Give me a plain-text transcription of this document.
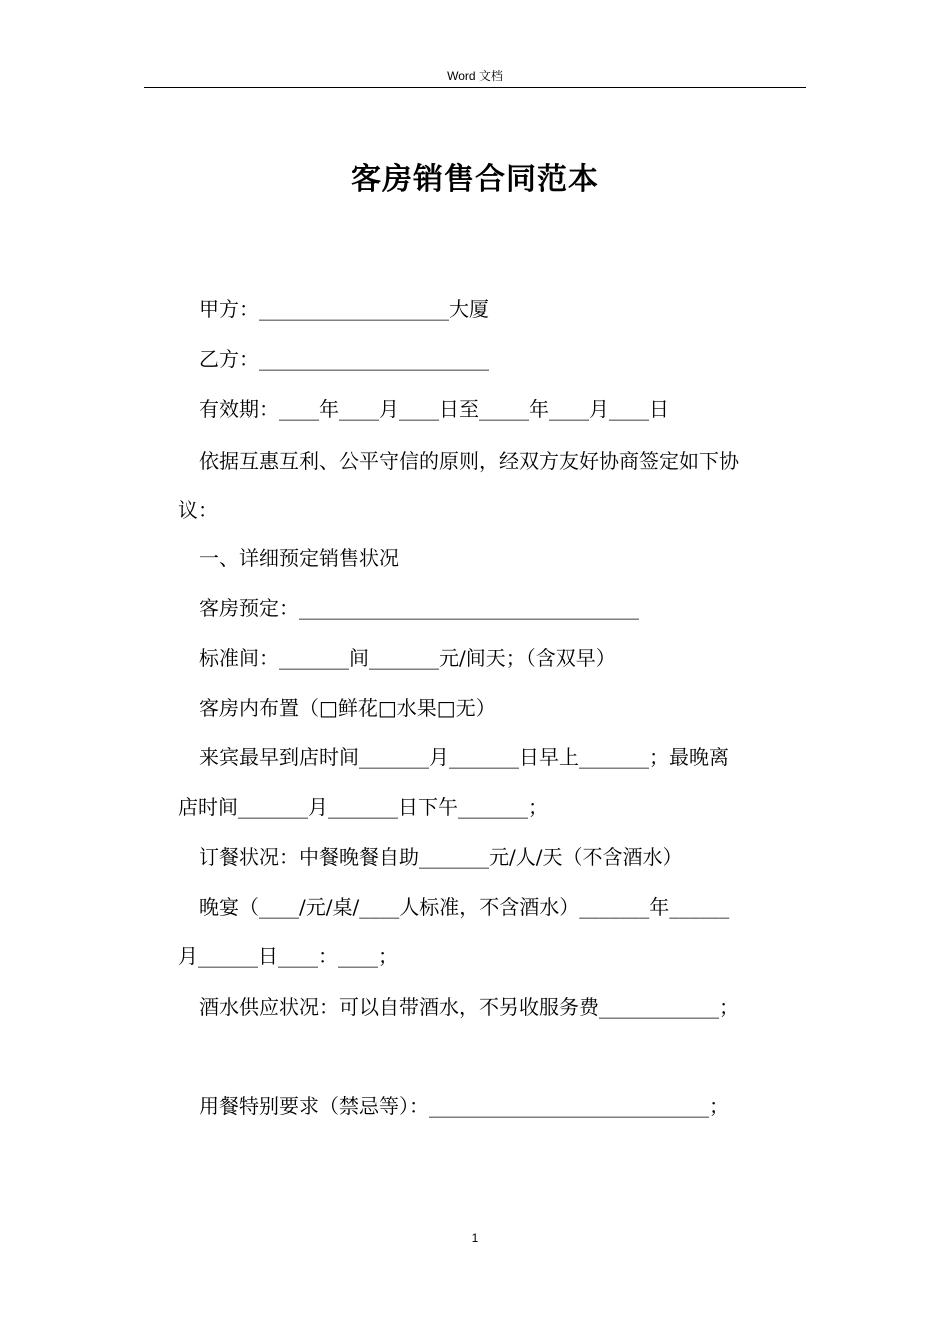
Word 文档
客房销售合同范本
甲方：___________________大厦
乙方：_______________________
有效期：____年____月____日至_____年____月____日
依据互惠互利、公平守信的原则，经双方友好协商签定如下协
议：
一、详细预定销售状况
客房预定：__________________________________
标准间：_______间_______元/间天；（含双早）
客房内布置（□鲜花□水果□无）
来宾最早到店时间_______月_______日早上_______；最晚离
店时间_______月_______日下午_______；
订餐状况：中餐晚餐自助_______元/人/天（不含酒水）
晚宴（____/元/桌/____人标准，不含酒水）_______年______
月______日____：____；
酒水供应状况：可以自带酒水，不另收服务费____________；
用餐特别要求（禁忌等）：____________________________；
1
